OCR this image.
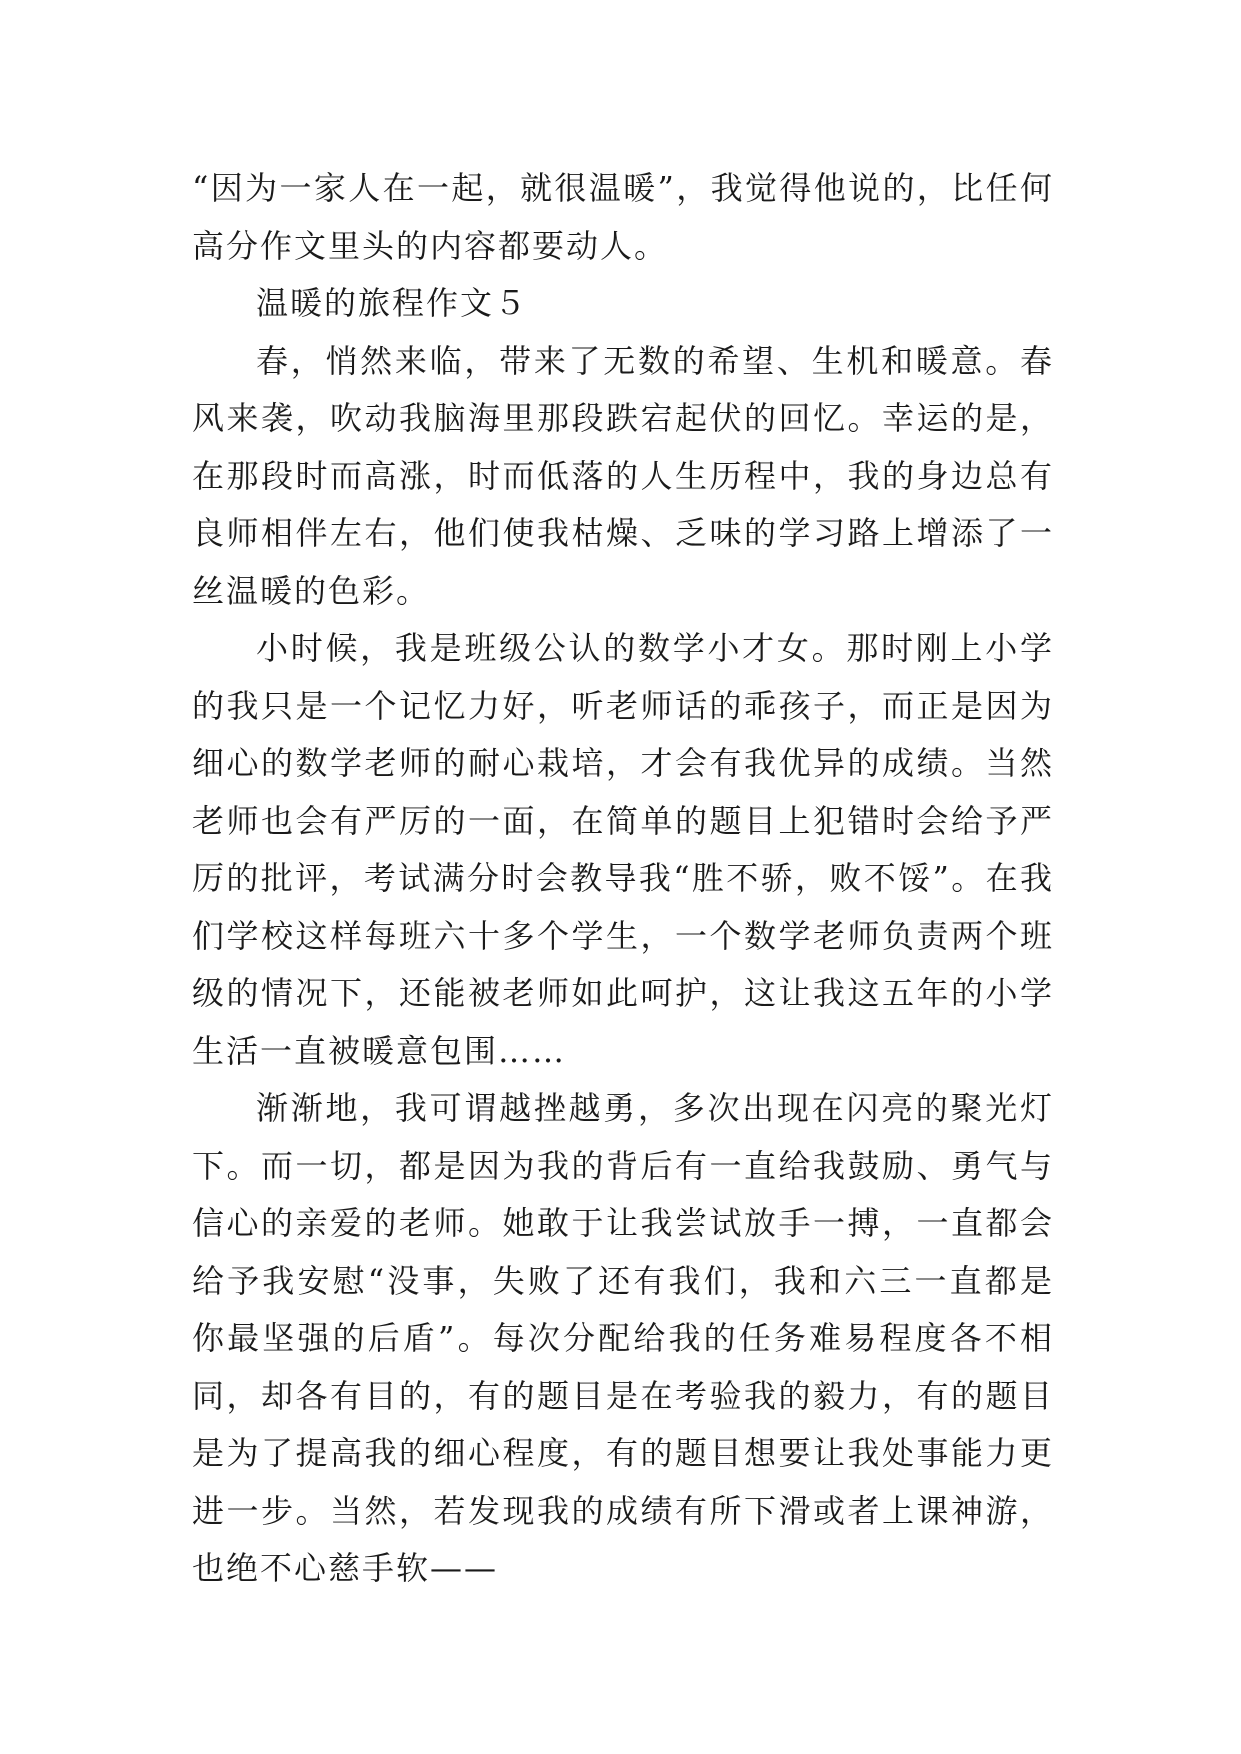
“因为一家人在一起，就很温暖”，我觉得他说的，比任何高分作文里头的内容都要动人。

温暖的旅程作文５

春，悄然来临，带来了无数的希望、生机和暖意。春风来袭，吹动我脑海里那段跌宕起伏的回忆。幸运的是，在那段时而高涨，时而低落的人生历程中，我的身边总有良师相伴左右，他们使我枯燥、乏味的学习路上增添了一丝温暖的色彩。

小时候，我是班级公认的数学小才女。那时刚上小学的我只是一个记忆力好，听老师话的乖孩子，而正是因为细心的数学老师的耐心栽培，才会有我优异的成绩。当然老师也会有严厉的一面，在简单的题目上犯错时会给予严厉的批评，考试满分时会教导我“胜不骄，败不馁”。在我们学校这样每班六十多个学生，一个数学老师负责两个班级的情况下，还能被老师如此呵护，这让我这五年的小学生活一直被暖意包围……

渐渐地，我可谓越挫越勇，多次出现在闪亮的聚光灯下。而一切，都是因为我的背后有一直给我鼓励、勇气与信心的亲爱的老师。她敢于让我尝试放手一搏，一直都会给予我安慰“没事，失败了还有我们，我和六三一直都是你最坚强的后盾”。每次分配给我的任务难易程度各不相同，却各有目的，有的题目是在考验我的毅力，有的题目是为了提高我的细心程度，有的题目想要让我处事能力更进一步。当然，若发现我的成绩有所下滑或者上课神游，也绝不心慈手软——
